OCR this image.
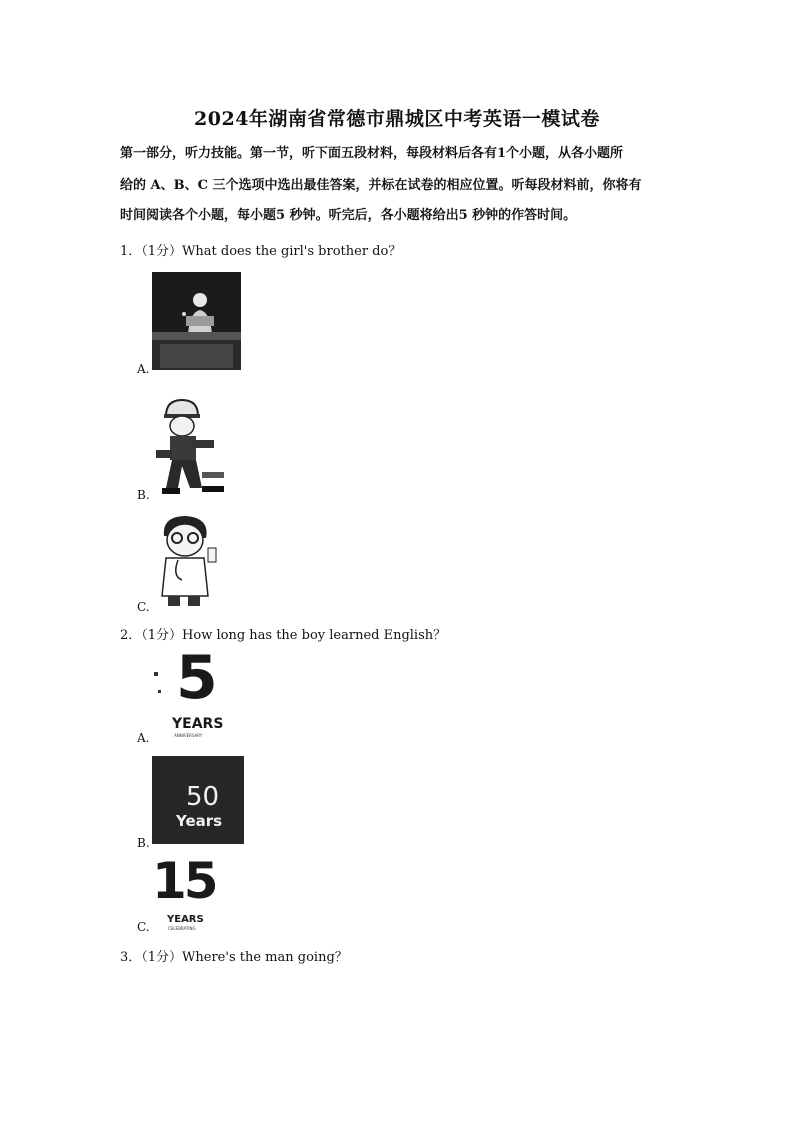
2024年湖南省常德市鼎城区中考英语一模试卷
第一部分，听力技能。第一节，听下面五段材料，每段材料后各有1个小题，从各小题所
给的 A、B、C 三个选项中选出最佳答案，并标在试卷的相应位置。听每段材料前，你将有
时间阅读各个小题，每小题5 秒钟。听完后，各小题将给出5 秒钟的作答时间。
1．（1分）What does the girl's brother do？
A.
B.
C.
2．（1分）How long has the boy learned English？
A.
5
YEARS
ANNIVERSARY
B.
50
Years
C.
15
YEARS
CELEBRATING
3．（1分）Where's the man going？
